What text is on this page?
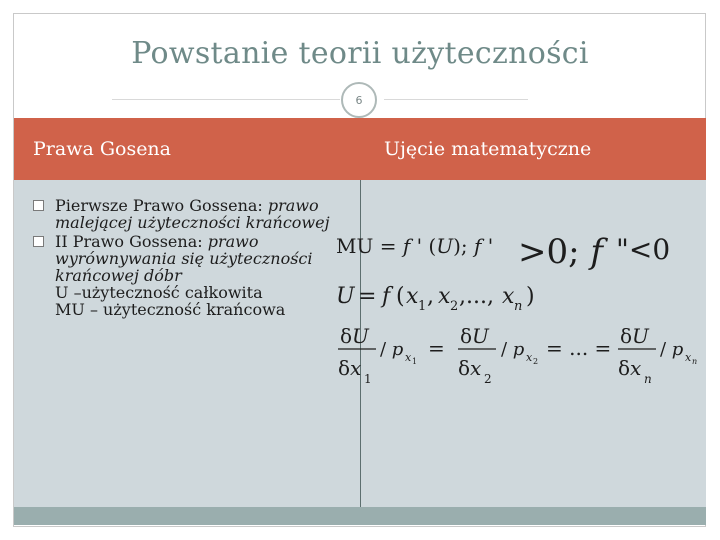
Powstanie teorii użyteczności
6
Prawa Gosena	Ujęcie matematyczne
Pierwsze Prawo Gossena: prawo malejącej użyteczności krańcowej
II Prawo Gossena: prawo wyrównywania się użyteczności krańcowej dóbr
U –użyteczność całkowita
MU – użyteczność krańcowa
MU = f ' (U); f ' >0; f "<0
U = f ( x 1 , x 2 ,..., x n )
δU
δx 1
/ p x 1
= δU
δx 2
/ p x 2
= ... = δU
δx n
/ p x n
